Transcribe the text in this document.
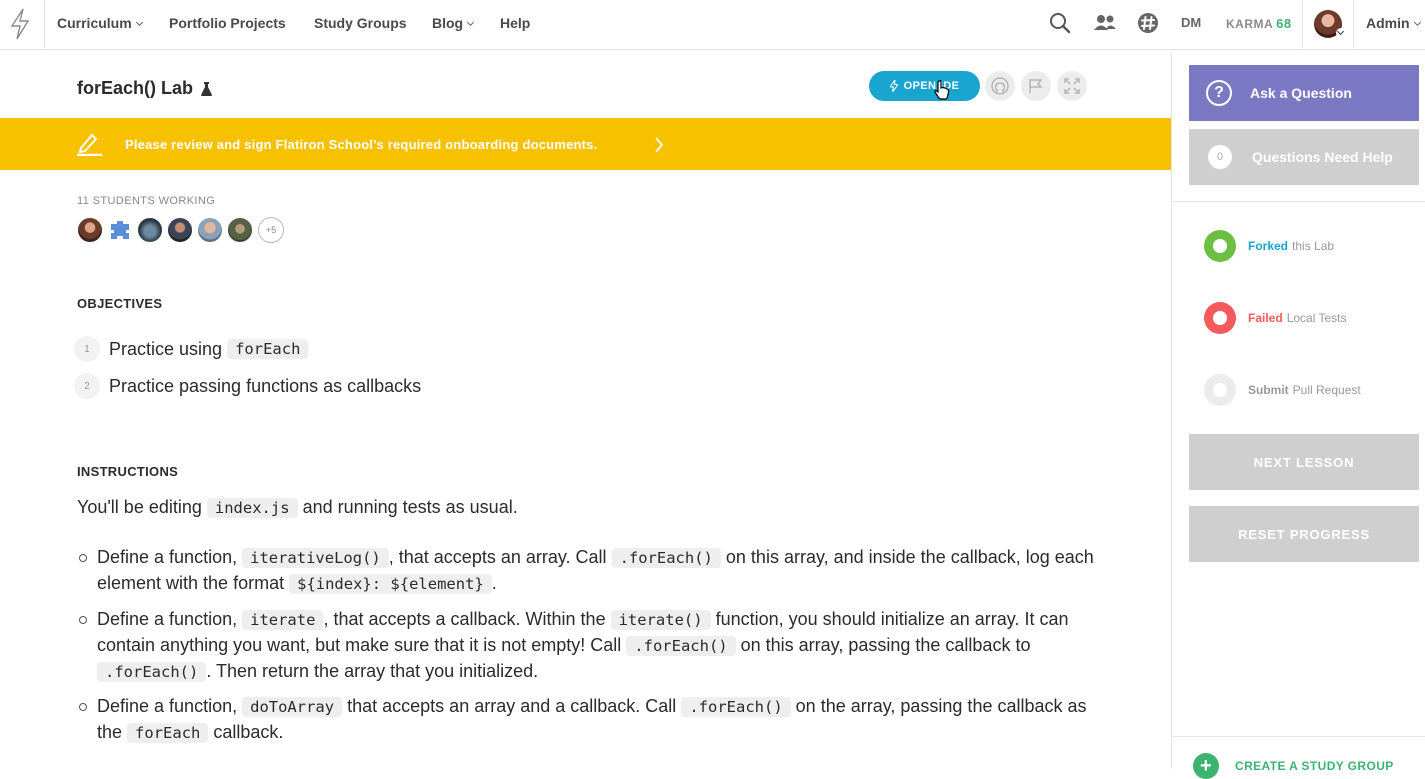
Curriculum	Portfolio Projects Study Groups Blog	Help	DM KARMA 68	Admin
forEach() Lab	OPEN IDE
Please review and sign Flatiron School’s required onboarding documents.
11 STUDENTS WORKING
+5
OBJECTIVES
1	Practice using
forEach
2	Practice passing functions as callbacks
INSTRUCTIONS
You'll be editing index.js and running tests as usual.
Define a function, iterativeLog() , that accepts an array. Call .forEach() on this array, and inside the callback, log each element with the format ${index}: ${element} .
Define a function, iterate , that accepts a callback. Within the iterate() function, you should initialize an array. It can contain anything you want, but make sure that it is not empty! Call .forEach() on this array, passing the callback to .forEach() . Then return the array that you initialized.
Define a function, doToArray that accepts an array and a callback. Call .forEach() on the array, passing the callback as the forEach callback.
?	Ask a Question
0	Questions Need Help
Forked this Lab
Failed Local Tests
Submit Pull Request
NEXT LESSON
RESET PROGRESS
+	CREATE A STUDY GROUP
